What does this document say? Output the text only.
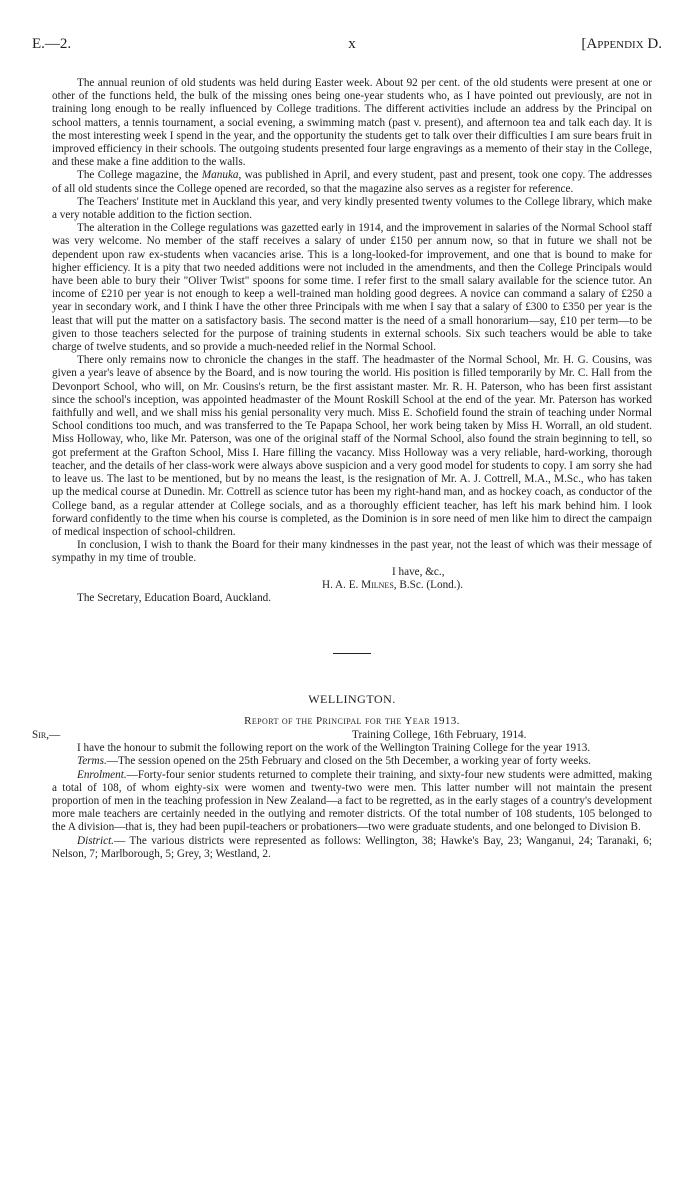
E.—2.	x	[Appendix D.

The annual reunion of old students was held during Easter week. About 92 per cent. of the old students were present at one or other of the functions held, the bulk of the missing ones being one-year students who, as I have pointed out previously, are not in training long enough to be really influenced by College traditions. The different activities include an address by the Principal on school matters, a tennis tournament, a social evening, a swimming match (past v. present), and afternoon tea and talk each day. It is the most interesting week I spend in the year, and the opportunity the students get to talk over their difficulties I am sure bears fruit in improved efficiency in their schools. The outgoing students presented four large engravings as a memento of their stay in the College, and these make a fine addition to the walls.

The College magazine, the Manuka, was published in April, and every student, past and present, took one copy. The addresses of all old students since the College opened are recorded, so that the magazine also serves as a register for reference.

The Teachers' Institute met in Auckland this year, and very kindly presented twenty volumes to the College library, which make a very notable addition to the fiction section.

The alteration in the College regulations was gazetted early in 1914, and the improvement in salaries of the Normal School staff was very welcome. No member of the staff receives a salary of under £150 per annum now, so that in future we shall not be dependent upon raw ex-students when vacancies arise. This is a long-looked-for improvement, and one that is bound to make for higher efficiency. It is a pity that two needed additions were not included in the amendments, and then the College Principals would have been able to bury their "Oliver Twist" spoons for some time. I refer first to the small salary available for the science tutor. An income of £210 per year is not enough to keep a well-trained man holding good degrees. A novice can command a salary of £250 a year in secondary work, and I think I have the other three Principals with me when I say that a salary of £300 to £350 per year is the least that will put the matter on a satisfactory basis. The second matter is the need of a small honorarium—say, £10 per term—to be given to those teachers selected for the purpose of training students in external schools. Six such teachers would be able to take charge of twelve students, and so provide a much-needed relief in the Normal School.

There only remains now to chronicle the changes in the staff. The headmaster of the Normal School, Mr. H. G. Cousins, was given a year's leave of absence by the Board, and is now touring the world. His position is filled temporarily by Mr. C. Hall from the Devonport School, who will, on Mr. Cousins's return, be the first assistant master. Mr. R. H. Paterson, who has been first assistant since the school's inception, was appointed headmaster of the Mount Roskill School at the end of the year. Mr. Paterson has worked faithfully and well, and we shall miss his genial personality very much. Miss E. Schofield found the strain of teaching under Normal School conditions too much, and was transferred to the Te Papapa School, her work being taken by Miss H. Worrall, an old student. Miss Holloway, who, like Mr. Paterson, was one of the original staff of the Normal School, also found the strain beginning to tell, so got preferment at the Grafton School, Miss I. Hare filling the vacancy. Miss Holloway was a very reliable, hard-working, thorough teacher, and the details of her class-work were always above suspicion and a very good model for students to copy. I am sorry she had to leave us. The last to be mentioned, but by no means the least, is the resignation of Mr. A. J. Cottrell, M.A., M.Sc., who has taken up the medical course at Dunedin. Mr. Cottrell as science tutor has been my right-hand man, and as hockey coach, as conductor of the College band, as a regular attender at College socials, and as a thoroughly efficient teacher, has left his mark behind him. I look forward confidently to the time when his course is completed, as the Dominion is in sore need of men like him to direct the campaign of medical inspection of school-children.

In conclusion, I wish to thank the Board for their many kindnesses in the past year, not the least of which was their message of sympathy in my time of trouble.

I have, &c.,

H. A. E. Milnes, B.Sc. (Lond.).

The Secretary, Education Board, Auckland.

WELLINGTON.
Report of the Principal for the Year 1913.
Sir,—	Training College, 16th February, 1914.

I have the honour to submit the following report on the work of the Wellington Training College for the year 1913.

Terms.—The session opened on the 25th February and closed on the 5th December, a working year of forty weeks.

Enrolment.—Forty-four senior students returned to complete their training, and sixty-four new students were admitted, making a total of 108, of whom eighty-six were women and twenty-two were men. This latter number will not maintain the present proportion of men in the teaching profession in New Zealand—a fact to be regretted, as in the early stages of a country's development more male teachers are certainly needed in the outlying and remoter districts. Of the total number of 108 students, 105 belonged to the A division—that is, they had been pupil-teachers or probationers—two were graduate students, and one belonged to Division B.

District.— The various districts were represented as follows: Wellington, 38; Hawke's Bay, 23; Wanganui, 24; Taranaki, 6; Nelson, 7; Marlborough, 5; Grey, 3; Westland, 2.
